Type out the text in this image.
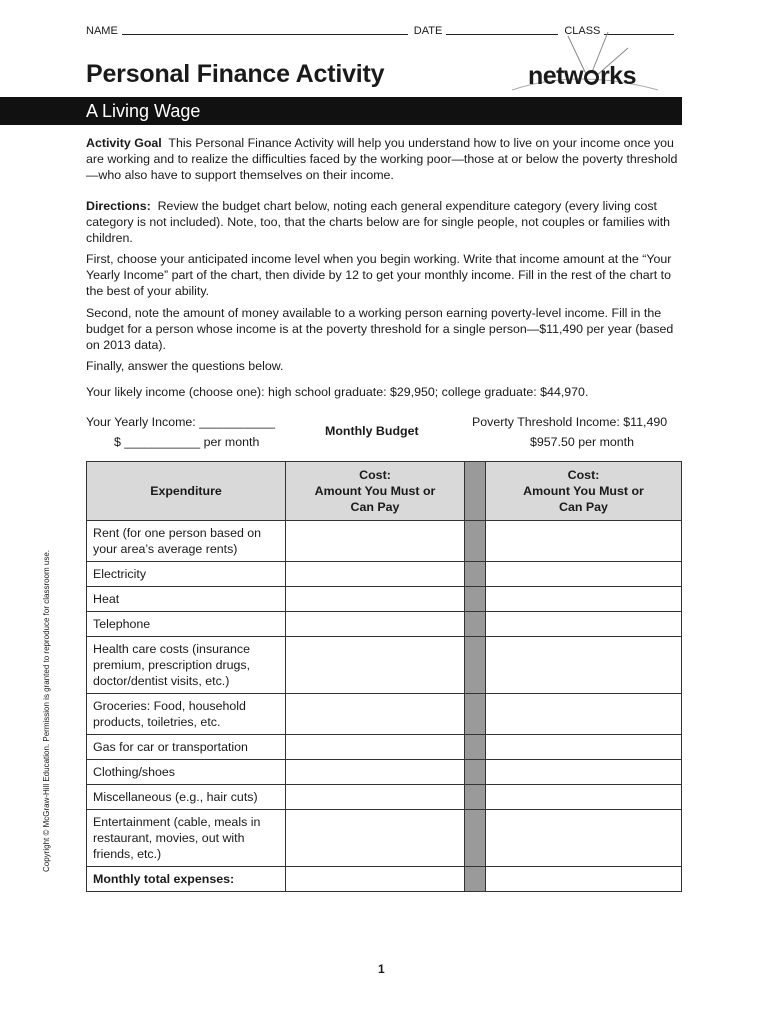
NAME	DATE	CLASS
Personal Finance Activity	netw rks
A Living Wage
Activity Goal This Personal Finance Activity will help you understand how to live on your income once you are working and to realize the difficulties faced by the working poor—those at or below the poverty threshold—who also have to support themselves on their income.
Directions: Review the budget chart below, noting each general expenditure category (every living cost category is not included). Note, too, that the charts below are for single people, not couples or families with children.
First, choose your anticipated income level when you begin working. Write that income amount at the “Your Yearly Income” part of the chart, then divide by 12 to get your monthly income. Fill in the rest of the chart to the best of your ability.
Second, note the amount of money available to a working person earning poverty-level income. Fill in the budget for a person whose income is at the poverty threshold for a single person—$11,490 per year (based on 2013 data).
Finally, answer the questions below.
Your likely income (choose one): high school graduate: $29,950; college graduate: $44,970.
Your Yearly Income: ___________
$ ___________ per month
Monthly Budget
Poverty Threshold Income: $11,490
$957.50 per month
Expenditure	Cost:
Amount You Must or
Can Pay		Cost:
Amount You Must or
Can Pay
Rent (for one person based on your area’s average rents)			
Electricity			
Heat			
Telephone			
Health care costs (insurance premium, prescription drugs, doctor/dentist visits, etc.)			
Groceries: Food, household products, toiletries, etc.			
Gas for car or transportation			
Clothing/shoes			
Miscellaneous (e.g., hair cuts)			
Entertainment (cable, meals in restaurant, movies, out with friends, etc.)			
Monthly total expenses:			
Copyright © McGraw-Hill Education. Permission is granted to reproduce for classroom use.
1
